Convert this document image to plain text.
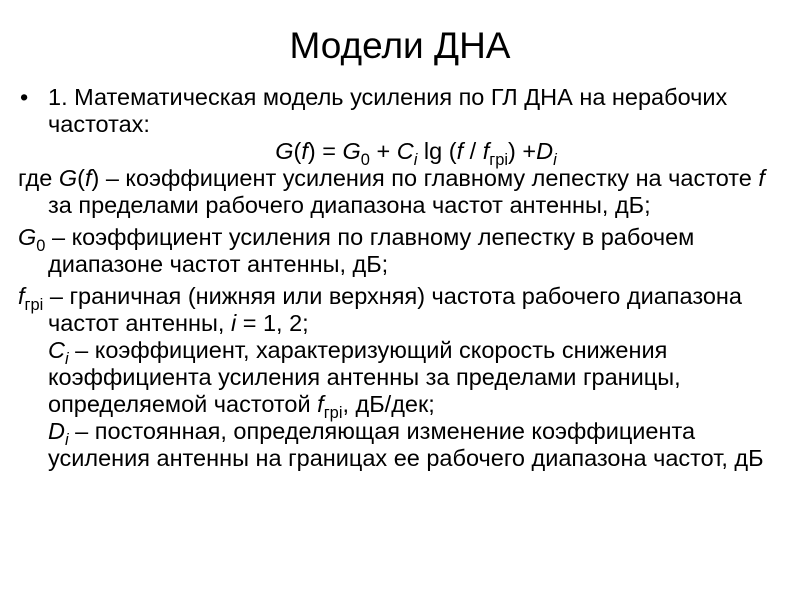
Модели ДНА
• 1. Математическая модель усиления по ГЛ ДНА на нерабочих частотах:
$G(f) = G_0 + C_i$ $\lg (f / f_{грi}) +D_i$
где G(f) – коэффициент усиления по главному лепестку на частоте f за пределами рабочего диапазона частот антенны, дБ;
$G_0$ – коэффициент усиления по главному лепестку в рабочем диапазоне частот антенны, дБ;
$f_{грi}$ – граничная (нижняя или верхняя) частота рабочего диапазона частот антенны, i = 1, 2;
$C_i$ – коэффициент, характеризующий скорость снижения коэффициента усиления антенны за пределами границы, определяемой частотой $f_{грi}$, дБ/дек;
$D_i$ – постоянная, определяющая изменение коэффициента усиления антенны на границах ее рабочего диапазона частот, дБ
